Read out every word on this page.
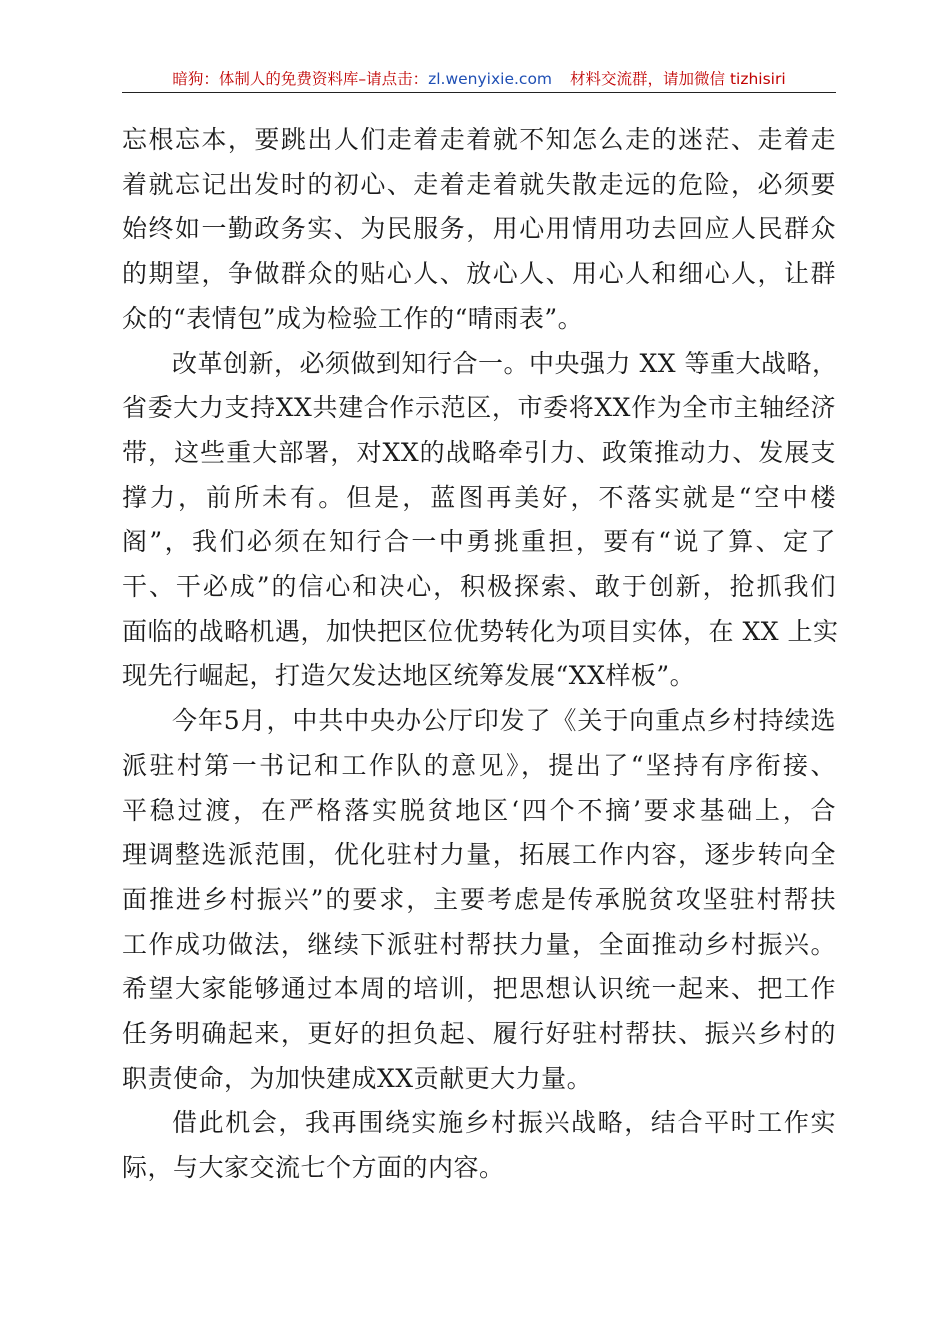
暗狗：体制人的免费资料库–请点击：zl.wenyixie.com 材料交流群，请加微信 tizhisiri

忘根忘本，要跳出人们走着走着就不知怎么走的迷茫、走着走
着就忘记出发时的初心、走着走着就失散走远的危险，必须要
始终如一勤政务实、为民服务，用心用情用功去回应人民群众
的期望，争做群众的贴心人、放心人、用心人和细心人，让群
众的“表情包”成为检验工作的“晴雨表”。

改革创新，必须做到知行合一。中央强力 XX 等重大战略，
省委大力支持XX共建合作示范区，市委将XX作为全市主轴经济
带，这些重大部署，对XX的战略牵引力、政策推动力、发展支
撑力，前所未有。但是，蓝图再美好，不落实就是“空中楼
阁”，我们必须在知行合一中勇挑重担，要有“说了算、定了
干、干必成”的信心和决心，积极探索、敢于创新，抢抓我们
面临的战略机遇，加快把区位优势转化为项目实体，在 XX 上实
现先行崛起，打造欠发达地区统筹发展“XX样板”。

今年5月，中共中央办公厅印发了《关于向重点乡村持续选
派驻村第一书记和工作队的意见》，提出了“坚持有序衔接、
平稳过渡，在严格落实脱贫地区‘四个不摘’要求基础上，合
理调整选派范围，优化驻村力量，拓展工作内容，逐步转向全
面推进乡村振兴”的要求，主要考虑是传承脱贫攻坚驻村帮扶
工作成功做法，继续下派驻村帮扶力量，全面推动乡村振兴。
希望大家能够通过本周的培训，把思想认识统一起来、把工作
任务明确起来，更好的担负起、履行好驻村帮扶、振兴乡村的
职责使命，为加快建成XX贡献更大力量。

借此机会，我再围绕实施乡村振兴战略，结合平时工作实
际，与大家交流七个方面的内容。
